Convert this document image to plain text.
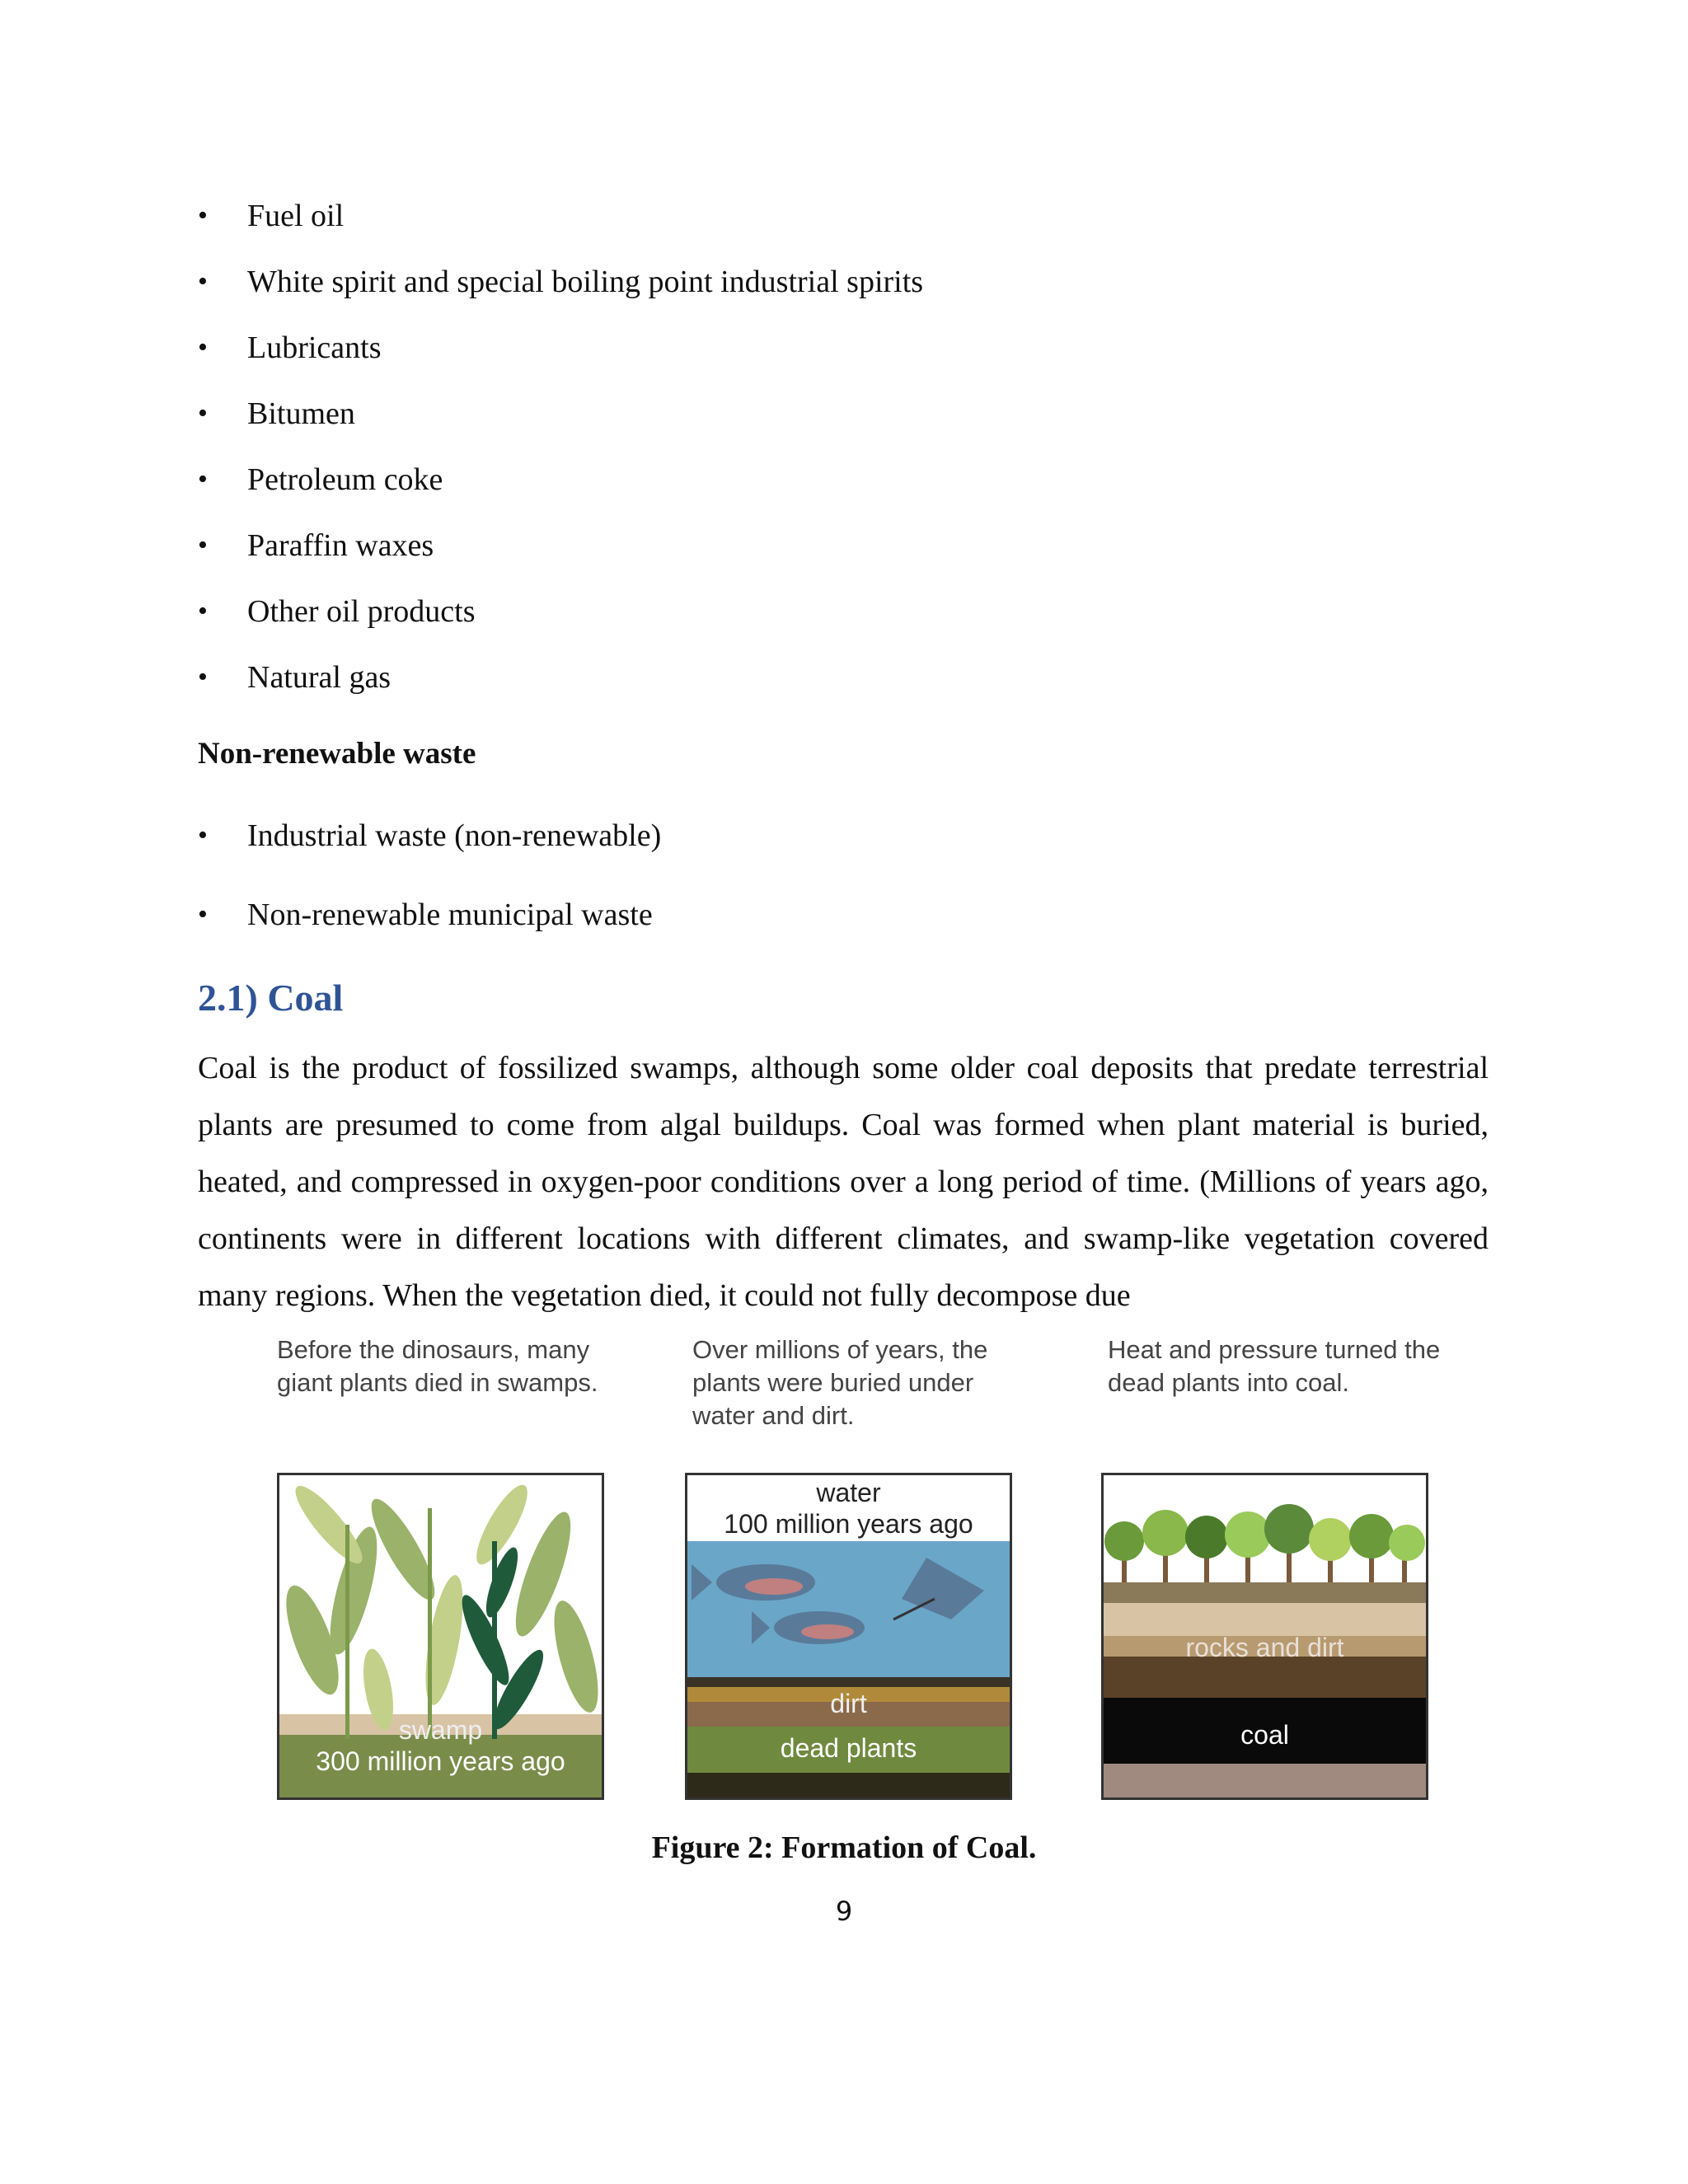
• Fuel oil
• White spirit and special boiling point industrial spirits
• Lubricants
• Bitumen
• Petroleum coke
• Paraffin waxes
• Other oil products
• Natural gas

Non-renewable waste

• Industrial waste (non-renewable)
• Non-renewable municipal waste
2.1) Coal

Coal is the product of fossilized swamps, although some older coal deposits that predate terrestrial plants are presumed to come from algal buildups. Coal was formed when plant material is buried, heated, and compressed in oxygen-poor conditions over a long period of time. (Millions of years ago, continents were in different locations with different climates, and swamp-like vegetation covered many regions. When the vegetation died, it could not fully decompose due

Before the dinosaurs, many giant plants died in swamps.

Over millions of years, the plants were buried under water and dirt.

Heat and pressure turned the dead plants into coal.

swamp
300 million years ago
water
100 million years ago
dirt
dead plants
rocks and dirt
coal

Figure 2: Formation of Coal.

9
